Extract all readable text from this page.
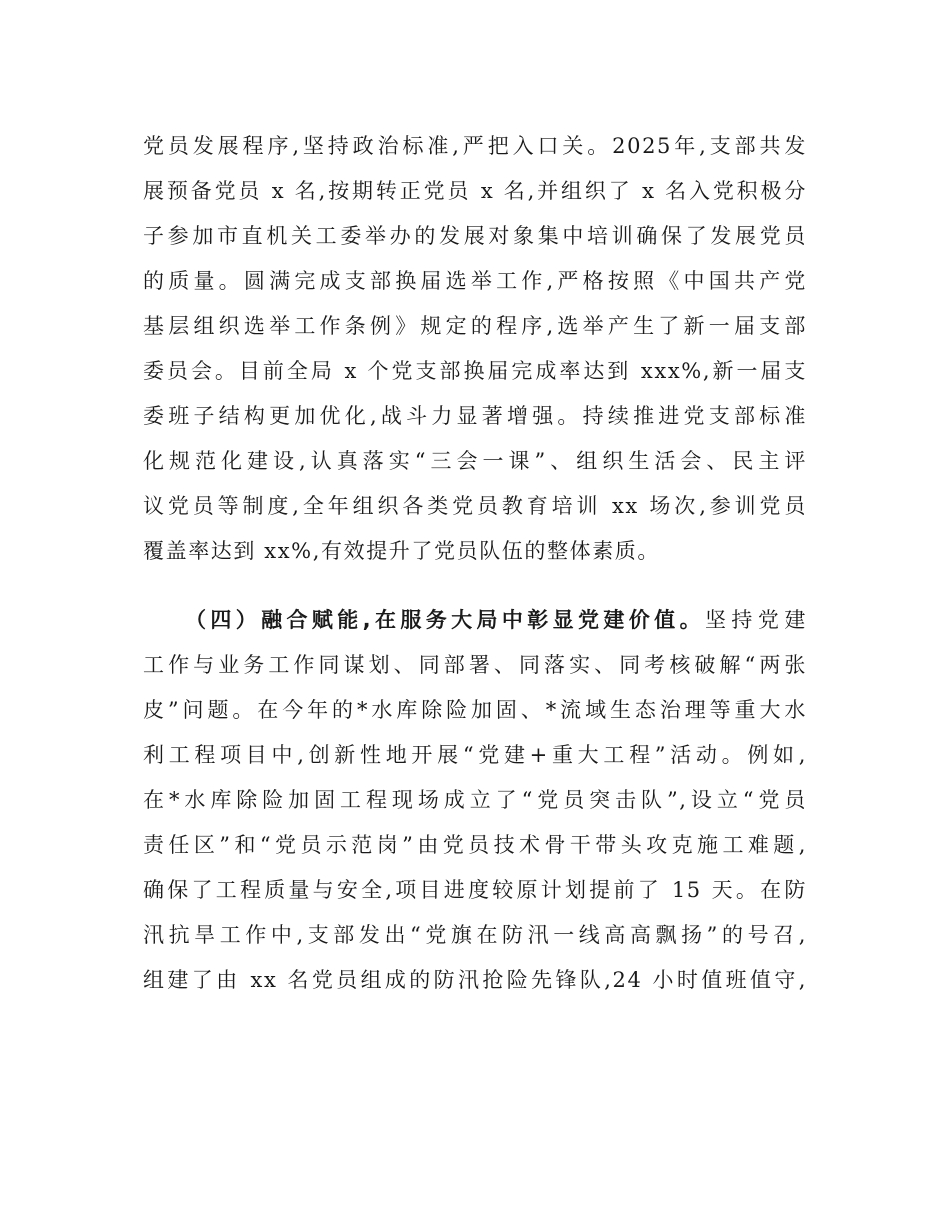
党员发展程序,坚持政治标准,严把入口关。2025年,支部共发
展预备党员 x 名,按期转正党员 x 名,并组织了 x 名入党积极分
子参加市直机关工委举办的发展对象集中培训确保了发展党员
的质量。圆满完成支部换届选举工作,严格按照《中国共产党
基层组织选举工作条例》规定的程序,选举产生了新一届支部
委员会。目前全局 x 个党支部换届完成率达到 xxx%,新一届支
委班子结构更加优化,战斗力显著增强。持续推进党支部标准
化规范化建设,认真落实“三会一课”、组织生活会、民主评
议党员等制度,全年组织各类党员教育培训 xx 场次,参训党员
覆盖率达到 xx%,有效提升了党员队伍的整体素质。
（四）融合赋能,在服务大局中彰显党建价值。坚持党建
工作与业务工作同谋划、同部署、同落实、同考核破解“两张
皮”问题。在今年的*水库除险加固、*流域生态治理等重大水
利工程项目中,创新性地开展“党建+重大工程”活动。例如,
在*水库除险加固工程现场成立了“党员突击队”,设立“党员
责任区”和“党员示范岗”由党员技术骨干带头攻克施工难题,
确保了工程质量与安全,项目进度较原计划提前了 15 天。在防
汛抗旱工作中,支部发出“党旗在防汛一线高高飘扬”的号召,
组建了由 xx 名党员组成的防汛抢险先锋队,24 小时值班值守,
